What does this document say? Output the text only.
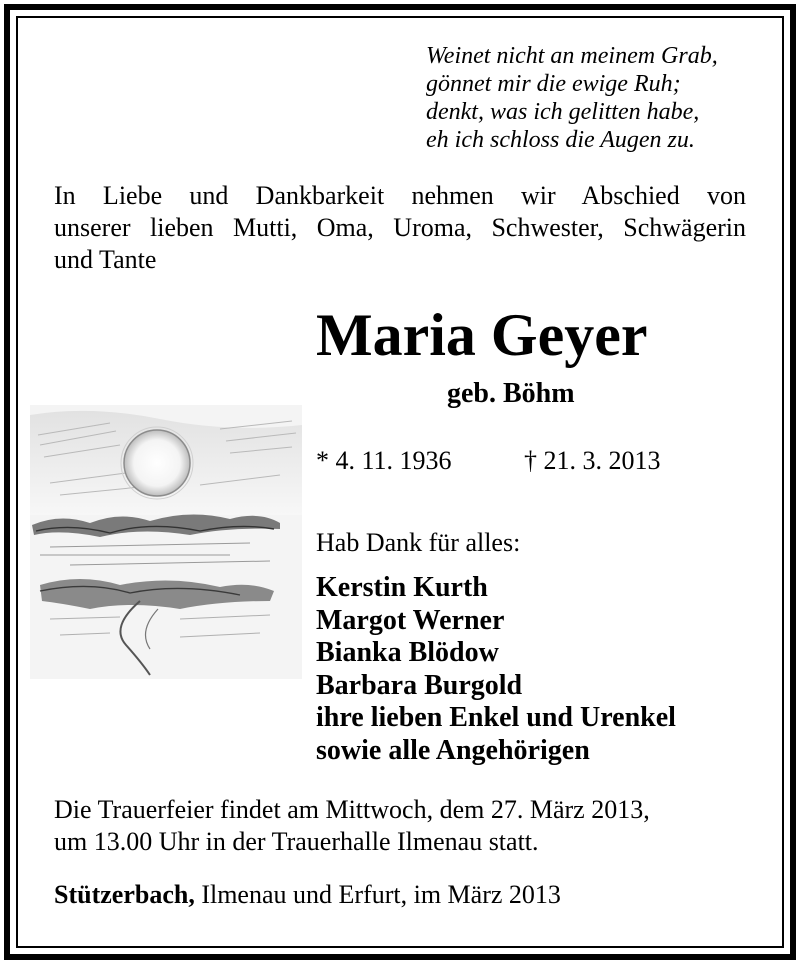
Weinet nicht an meinem Grab,
gönnet mir die ewige Ruh;
denkt, was ich gelitten habe,
eh ich schloss die Augen zu.
In Liebe und Dankbarkeit nehmen wir Abschied von
unserer lieben Mutti, Oma, Uroma, Schwester, Schwägerin
und Tante
Maria Geyer
geb. Böhm
* 4. 11. 1936	† 21. 3. 2013
Hab Dank für alles:
Kerstin Kurth
Margot Werner
Bianka Blödow
Barbara Burgold
ihre lieben Enkel und Urenkel
sowie alle Angehörigen
Die Trauerfeier findet am Mittwoch, dem 27. März 2013,
um 13.00 Uhr in der Trauerhalle Ilmenau statt.
Stützerbach, Ilmenau und Erfurt, im März 2013
